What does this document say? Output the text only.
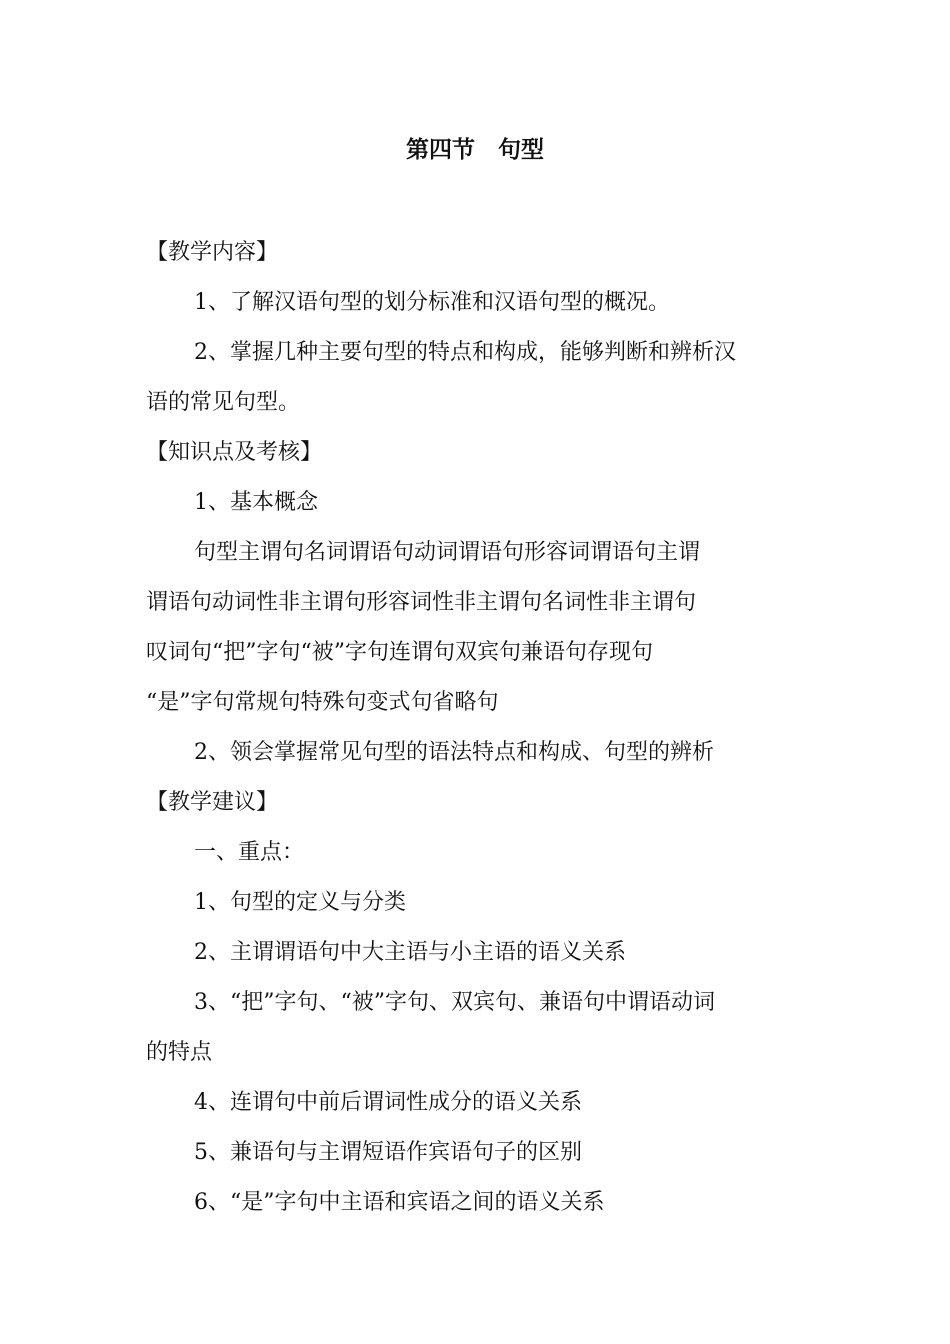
第四节　句型
【教学内容】
1、了解汉语句型的划分标准和汉语句型的概况。
2、掌握几种主要句型的特点和构成，能够判断和辨析汉
语的常见句型。
【知识点及考核】
1、基本概念
句型主谓句名词谓语句动词谓语句形容词谓语句主谓
谓语句动词性非主谓句形容词性非主谓句名词性非主谓句
叹词句“把”字句“被”字句连谓句双宾句兼语句存现句
“是”字句常规句特殊句变式句省略句
2、领会掌握常见句型的语法特点和构成、句型的辨析
【教学建议】
一、重点：
1、句型的定义与分类
2、主谓谓语句中大主语与小主语的语义关系
3、“把”字句、“被”字句、双宾句、兼语句中谓语动词
的特点
4、连谓句中前后谓词性成分的语义关系
5、兼语句与主谓短语作宾语句子的区别
6、“是”字句中主语和宾语之间的语义关系
